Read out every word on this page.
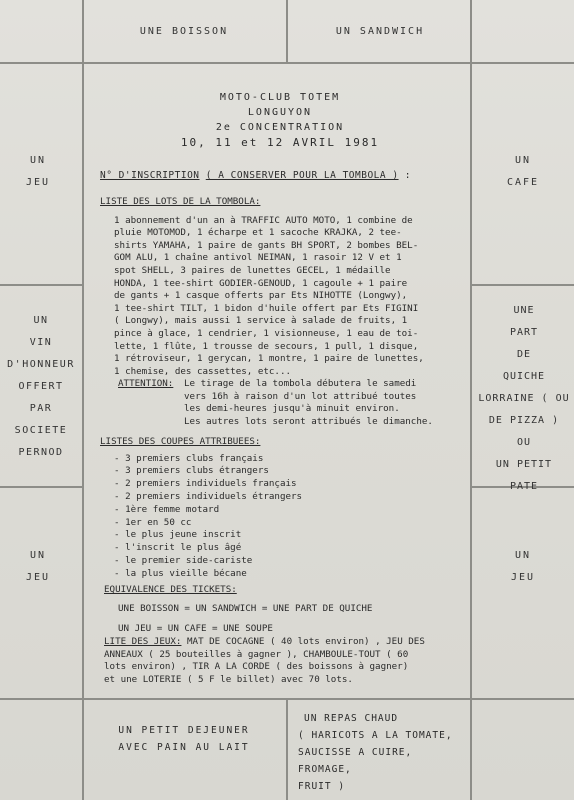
UNE BOISSON	UN SANDWICH
UN
JEU
UN
VIN
D'HONNEUR
OFFERT
PAR
SOCIETE
PERNOD
UN
JEU
UN
CAFE
UNE
PART
DE
QUICHE
LORRAINE ( OU
DE PIZZA )
OU
UN PETIT
PATE
UN
JEU
MOTO-CLUB TOTEM
LONGUYON
2e CONCENTRATION
10, 11 et 12 AVRIL 1981
N° D'INSCRIPTION ( A CONSERVER POUR LA TOMBOLA ) :
LISTE DES LOTS DE LA TOMBOLA:

1 abonnement d'un an à TRAFFIC AUTO MOTO, 1 combine de

pluie MOTOMOD, 1 écharpe et 1 sacoche KRAJKA, 2 tee-

shirts YAMAHA, 1 paire de gants BH SPORT, 2 bombes BEL-

GOM ALU, 1 chaîne antivol NEIMAN, 1 rasoir 12 V et 1

spot SHELL, 3 paires de lunettes GECEL, 1 médaille

HONDA, 1 tee-shirt GODIER-GENOUD, 1 cagoule + 1 paire

de gants + 1 casque offerts par Ets NIHOTTE (Longwy),

1 tee-shirt TILT, 1 bidon d'huile offert par Ets FIGINI

( Longwy), mais aussi 1 service à salade de fruits, 1

pince à glace, 1 cendrier, 1 visionneuse, 1 eau de toi-

lette, 1 flûte, 1 trousse de secours, 1 pull, 1 disque,

1 rétroviseur, 1 gerycan, 1 montre, 1 paire de lunettes,

1 chemise, des cassettes, etc...

ATTENTION: Le tirage de la tombola débutera le samedi

vers 16h à raison d'un lot attribué toutes

les demi-heures jusqu'à minuit environ.

Les autres lots seront attribués le dimanche.

LISTES DES COUPES ATTRIBUEES:
- 3 premiers clubs français
- 3 premiers clubs étrangers
- 2 premiers individuels français
- 2 premiers individuels étrangers
- 1ère femme motard
- 1er en 50 cc
- le plus jeune inscrit
- l'inscrit le plus âgé
- le premier side-cariste
- la plus vieille bécane
EQUIVALENCE DES TICKETS:
UNE BOISSON = UN SANDWICH = UNE PART DE QUICHE
UN JEU = UN CAFE = UNE SOUPE

LITE DES JEUX: MAT DE COCAGNE ( 40 lots environ) , JEU DES

ANNEAUX ( 25 bouteilles à gagner ), CHAMBOULE-TOUT ( 60

lots environ) , TIR A LA CORDE ( des boissons à gagner)

et une LOTERIE ( 5 F le billet) avec 70 lots.

UN PETIT DEJEUNER
AVEC PAIN AU LAIT
UN REPAS CHAUD
( HARICOTS A LA TOMATE,
SAUCISSE A CUIRE, FROMAGE,
FRUIT )
